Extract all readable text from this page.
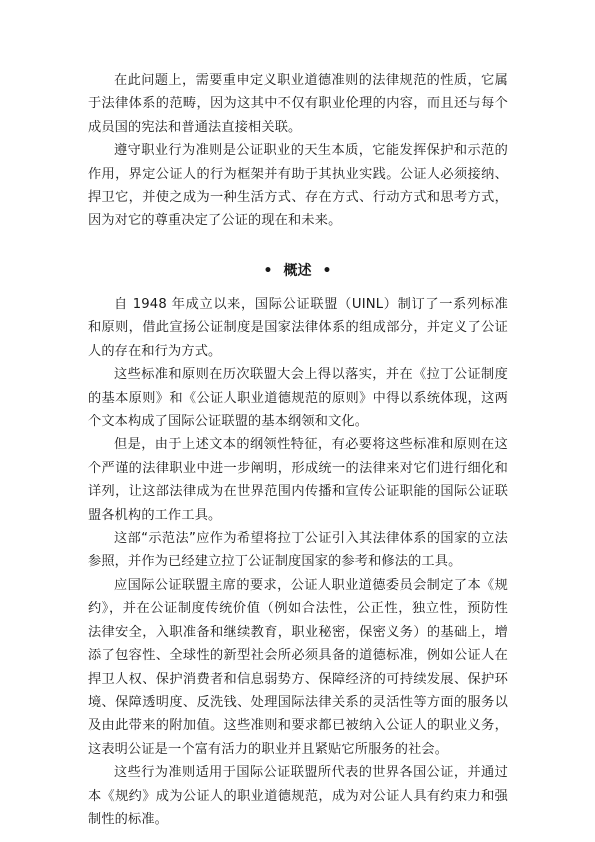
在此问题上，需要重申定义职业道德准则的法律规范的性质，它属于法律体系的范畴，因为这其中不仅有职业伦理的内容，而且还与每个成员国的宪法和普通法直接相关联。

遵守职业行为准则是公证职业的天生本质，它能发挥保护和示范的作用，界定公证人的行为框架并有助于其执业实践。公证人必须接纳、捍卫它，并使之成为一种生活方式、存在方式、行动方式和思考方式，因为对它的尊重决定了公证的现在和未来。

• 概述 •

自 1948 年成立以来，国际公证联盟（UINL）制订了一系列标准和原则，借此宣扬公证制度是国家法律体系的组成部分，并定义了公证人的存在和行为方式。

这些标准和原则在历次联盟大会上得以落实，并在《拉丁公证制度的基本原则》和《公证人职业道德规范的原则》中得以系统体现，这两个文本构成了国际公证联盟的基本纲领和文化。

但是，由于上述文本的纲领性特征，有必要将这些标准和原则在这个严谨的法律职业中进一步阐明，形成统一的法律来对它们进行细化和详列，让这部法律成为在世界范围内传播和宣传公证职能的国际公证联盟各机构的工作工具。

这部“示范法”应作为希望将拉丁公证引入其法律体系的国家的立法参照，并作为已经建立拉丁公证制度国家的参考和修法的工具。

应国际公证联盟主席的要求，公证人职业道德委员会制定了本《规约》，并在公证制度传统价值（例如合法性，公正性，独立性，预防性法律安全，入职准备和继续教育，职业秘密，保密义务）的基础上，增添了包容性、全球性的新型社会所必须具备的道德标准，例如公证人在捍卫人权、保护消费者和信息弱势方、保障经济的可持续发展、保护环境、保障透明度、反洗钱、处理国际法律关系的灵活性等方面的服务以及由此带来的附加值。这些准则和要求都已被纳入公证人的职业义务，这表明公证是一个富有活力的职业并且紧贴它所服务的社会。

这些行为准则适用于国际公证联盟所代表的世界各国公证，并通过本《规约》成为公证人的职业道德规范，成为对公证人具有约束力和强制性的标准。
